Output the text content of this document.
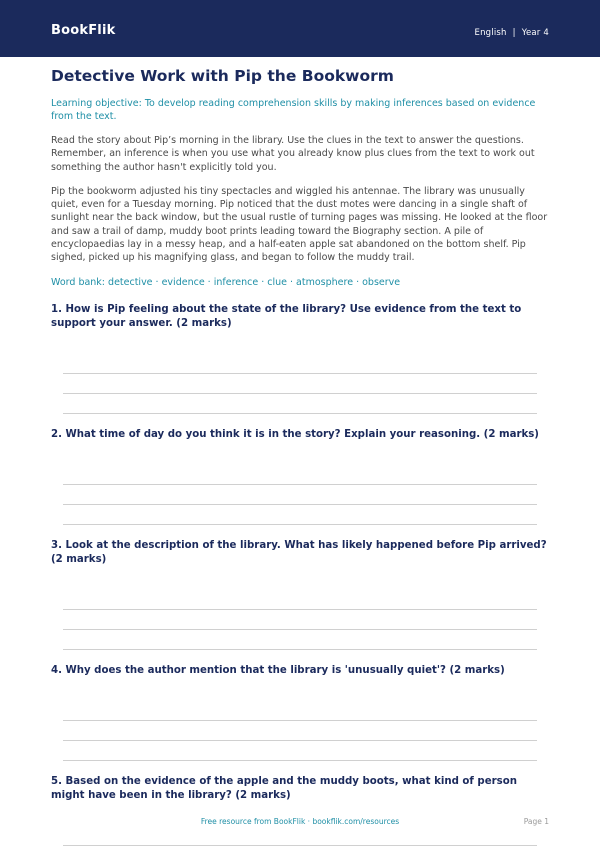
BookFlik	English | Year 4
Detective Work with Pip the Bookworm

Learning objective: To develop reading comprehension skills by making inferences based on evidence from the text.

Read the story about Pip’s morning in the library. Use the clues in the text to answer the questions. Remember, an inference is when you use what you already know plus clues from the text to work out something the author hasn't explicitly told you.

Pip the bookworm adjusted his tiny spectacles and wiggled his antennae. The library was unusually quiet, even for a Tuesday morning. Pip noticed that the dust motes were dancing in a single shaft of sunlight near the back window, but the usual rustle of turning pages was missing. He looked at the floor and saw a trail of damp, muddy boot prints leading toward the Biography section. A pile of encyclopaedias lay in a messy heap, and a half-eaten apple sat abandoned on the bottom shelf. Pip sighed, picked up his magnifying glass, and began to follow the muddy trail.

Word bank: detective · evidence · inference · clue · atmosphere · observe

1. How is Pip feeling about the state of the library? Use evidence from the text to support your answer. (2 marks)

2. What time of day do you think it is in the story? Explain your reasoning. (2 marks)

3. Look at the description of the library. What has likely happened before Pip arrived? (2 marks)

4. Why does the author mention that the library is 'unusually quiet'? (2 marks)

5. Based on the evidence of the apple and the muddy boots, what kind of person might have been in the library? (2 marks)

Free resource from BookFlik · bookflik.com/resources	Page 1
